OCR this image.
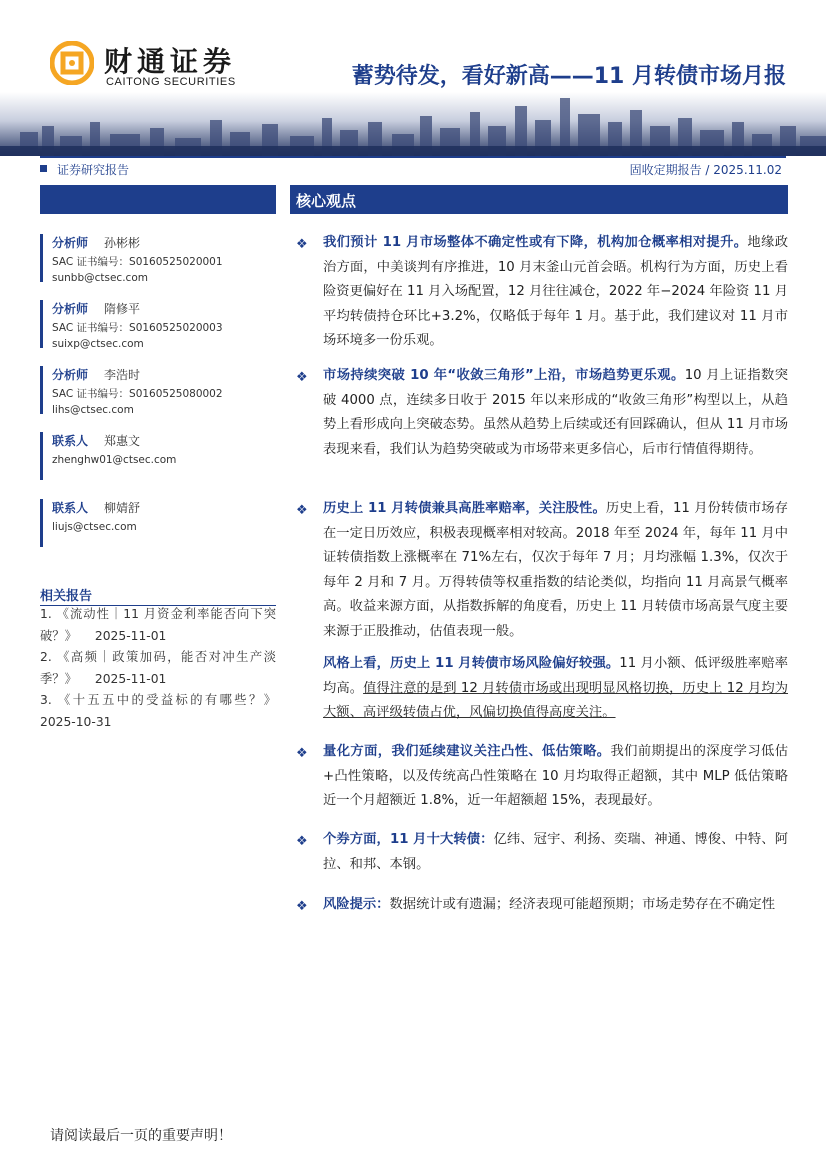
财通证券
CAITONG SECURITIES	蓄势待发，看好新高——11 月转债市场月报
证券研究报告	固收定期报告 / 2025.11.02
核心观点
分析师 孙彬彬
SAC 证书编号：S0160525020001
sunbb@ctsec.com
分析师 隋修平
SAC 证书编号：S0160525020003
suixp@ctsec.com
分析师 李浩时
SAC 证书编号：S0160525080002
lihs@ctsec.com
联系人 郑惠文
zhenghw01@ctsec.com
联系人 柳婧舒
liujs@ctsec.com
相关报告
1. 《流动性｜11 月资金利率能否向下突
破？》 2025-11-01
2. 《高频｜政策加码，能否对冲生产淡
季？》 2025-11-01
3. 《十五五中的受益标的有哪些？》
2025-10-31
❖ 我们预计 11 月市场整体不确定性或有下降，机构加仓概率相对提升。地缘政治方面，中美谈判有序推进，10 月末釜山元首会晤。机构行为方面，历史上看险资更偏好在 11 月入场配置，12 月往往减仓，2022 年−2024 年险资 11 月平均转债持仓环比+3.2%，仅略低于每年 1 月。基于此，我们建议对 11 月市场环境多一份乐观。
❖ 市场持续突破 10 年“收敛三角形”上沿，市场趋势更乐观。10 月上证指数突破 4000 点，连续多日收于 2015 年以来形成的“收敛三角形”构型以上，从趋势上看形成向上突破态势。虽然从趋势上后续或还有回踩确认，但从 11 月市场表现来看，我们认为趋势突破或为市场带来更多信心，后市行情值得期待。
❖ 历史上 11 月转债兼具高胜率赔率，关注股性。历史上看，11 月份转债市场存在一定日历效应，积极表现概率相对较高。2018 年至 2024 年，每年 11 月中证转债指数上涨概率在 71%左右，仅次于每年 7 月；月均涨幅 1.3%，仅次于每年 2 月和 7 月。万得转债等权重指数的结论类似，均指向 11 月高景气概率高。收益来源方面，从指数拆解的角度看，历史上 11 月转债市场高景气度主要来源于正股推动，估值表现一般。
风格上看，历史上 11 月转债市场风险偏好较强。11 月小额、低评级胜率赔率均高。值得注意的是到 12 月转债市场或出现明显风格切换，历史上 12 月均为大额、高评级转债占优，风偏切换值得高度关注。
❖ 量化方面，我们延续建议关注凸性、低估策略。我们前期提出的深度学习低估+凸性策略，以及传统高凸性策略在 10 月均取得正超额，其中 MLP 低估策略近一个月超额近 1.8%，近一年超额超 15%，表现最好。
❖ 个券方面，11 月十大转债：亿纬、冠宇、利扬、奕瑞、神通、博俊、中特、阿拉、和邦、本钢。
❖ 风险提示：数据统计或有遗漏；经济表现可能超预期；市场走势存在不确定性
请阅读最后一页的重要声明！
